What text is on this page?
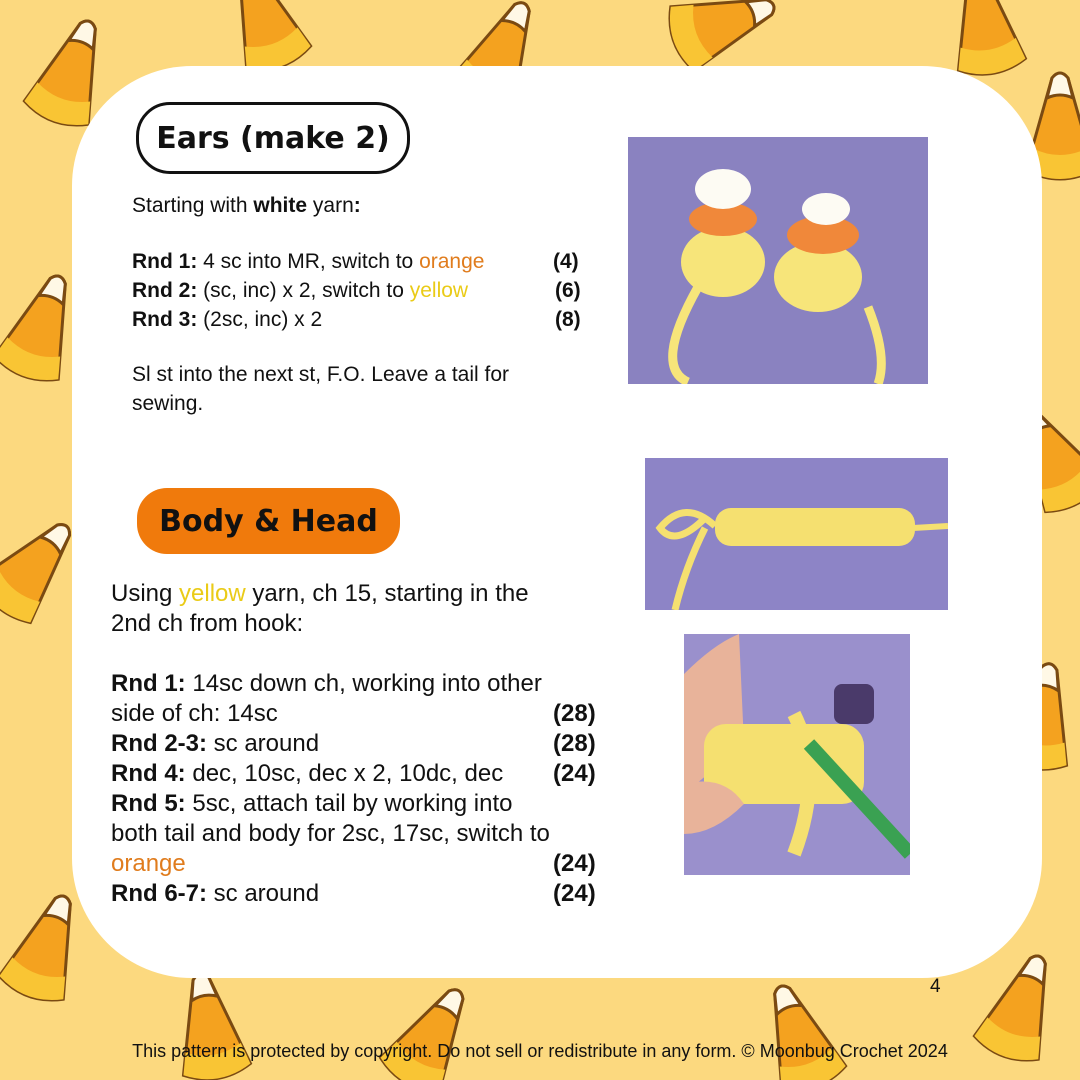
Ears (make 2)
Starting with white yarn:
Rnd 1: 4 sc into MR, switch to orange	(4)
Rnd 2: (sc, inc) x 2, switch to yellow	(6)
Rnd 3: (2sc, inc) x 2	(8)
Sl st into the next st, F.O. Leave a tail for
sewing.
Body & Head
Using yellow yarn, ch 15, starting in the
2nd ch from hook:
Rnd 1: 14sc down ch, working into other
side of ch: 14sc	(28)
Rnd 2-3: sc around	(28)
Rnd 4: dec, 10sc, dec x 2, 10dc, dec (24)
Rnd 5: 5sc, attach tail by working into
both tail and body for 2sc, 17sc, switch to
orange	(24)
Rnd 6-7: sc around	(24)
4
This pattern is protected by copyright. Do not sell or redistribute in any form. © Moonbug Crochet 2024
